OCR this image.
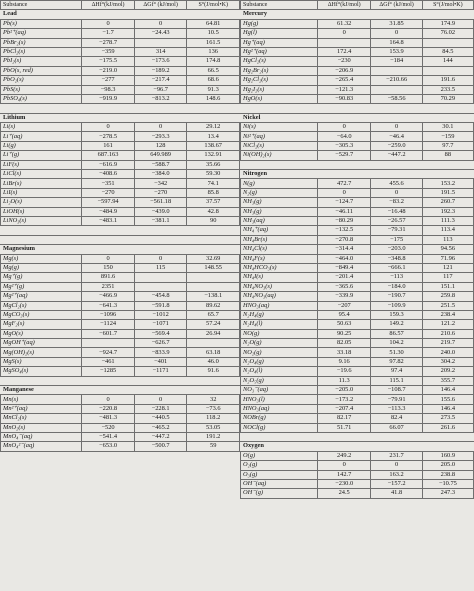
Substance	ΔHf°(kJ/mol)	ΔGf° (kJ/mol)	S°(J/mol•K)
Lead			
Pb(s)	0	0	64.81
Pb²⁺(aq)	−1.7	−24.43	10.5
PbBr₂(s)	−278.7		161.5
PbCl₂(s)	−359	314	136
PbI₂(s)	−175.5	−173.6	174.8
PbO(s, red)	−219.0	−189.2	66.5
PbO₂(s)	−277	−217.4	68.6
PbS(s)	−98.3	−96.7	91.3
PbSO₄(s)	−919.9	−813.2	148.6

Lithium			
Li(s)	0	0	29.12
Li⁺(aq)	−278.5	−293.3	13.4
Li(g)	161	128	138.67
Li⁺(g)	687.163	649.989	132.91
LiF(s)	−616.9	−588.7	35.66
LiCl(s)	−408.6	−384.0	59.30
LiBr(s)	−351	−342	74.1
LiI(s)	−270	−270	85.8
Li₂O(s)	−597.94	−561.18	37.57
LiOH(s)	−484.9	−439.0	42.8
LiNO₃(s)	−483.1	−381.1	90

Magnesium			
Mg(s)	0	0	32.69
Mg(g)	150	115	148.55
Mg⁺(g)	891.6		
Mg²⁺(g)	2351		
Mg²⁺(aq)	−466.9	−454.8	−138.1
MgCl₂(s)	−641.3	−591.8	89.62
MgCO₃(s)	−1096	−1012	65.7
MgF₂(s)	−1124	−1071	57.24
MgO(s)	−601.7	−569.4	26.94
MgOH⁺(aq)		−626.7	
Mg(OH)₂(s)	−924.7	−833.9	63.18
MgS(s)	−461	−401	46.0
MgSO₄(s)	−1285	−1171	91.6

Manganese			
Mn(s)	0	0	32
Mn²⁺(aq)	−220.8	−228.1	−73.6
MnCl₂(s)	−481.3	−440.5	118.2
MnO₂(s)	−520	−465.2	53.05
MnO₄⁻(aq)	−541.4	−447.2	191.2
MnO₄²⁻(aq)	−653.0	−500.7	59
Substance	ΔHf°(kJ/mol)	ΔGf° (kJ/mol)	S°(J/mol•K)
Mercury			
Hg(g)	61.32	31.85	174.9
Hg(l)	0	0	76.02
Hg⁺(aq)		164.8	
Hg²⁺(aq)	172.4	153.9	84.5
HgCl₂(s)	−230	−184	144
Hg₂Br₂(s)	−206.9		
Hg₂Cl₂(s)	−265.4	−210.66	191.6
Hg₂I₂(s)	−121.3		233.5
HgO(s)	−90.83	−58.56	70.29

Nickel			
Ni(s)	0	0	30.1
Ni²⁺(aq)	−64.0	−46.4	−159
NiCl₂(s)	−305.3	−259.0	97.7
Ni(OH)₂(s)	−529.7	−447.2	88

Nitrogen			
N(g)	472.7	455.6	153.2
N₂(g)	0	0	191.5
NH₃(g)	−124.7	−83.2	260.7
NH₃(g)	−46.11	−16.48	192.3
NH₃(aq)	−80.29	−26.57	111.3
NH₄⁺(aq)	−132.5	−79.31	113.4
NH₄Br(s)	−270.8	−175	113
NH₄Cl(s)	−314.4	−203.0	94.56
NH₄F(s)	−464.0	−348.8	71.96
NH₄HCO₃(s)	−849.4	−666.1	121
NH₄I(s)	−201.4	−113	117
NH₄NO₃(s)	−365.6	−184.0	151.1
NH₄NO₃(aq)	−339.9	−190.7	259.8
HNO₃(aq)	−207	−109.9	251.5
N₂H₄(g)	95.4	159.3	238.4
N₂H₄(l)	50.63	149.2	121.2
NO(g)	90.25	86.57	210.6
N₂O(g)	82.05	104.2	219.7
NO₂(g)	33.18	51.30	240.0
N₂O₄(g)	9.16	97.82	304.2
N₂O₄(l)	−19.6	97.4	209.2
N₂O₅(g)	11.3	115.1	355.7
NO₃⁻(aq)	−205.0	−108.7	146.4
HNO₃(l)	−173.2	−79.91	155.6
HNO₃(aq)	−207.4	−113.3	146.4
NOBr(g)	82.17	82.4	273.5
NOCl(g)	51.71	66.07	261.6

Oxygen			
O(g)	249.2	231.7	160.9
O₂(g)	0	0	205.0
O₃(g)	142.7	163.2	238.8
OH⁻(aq)	−230.0	−157.2	−10.75
OH⁻(g)	24.5	41.8	247.3
